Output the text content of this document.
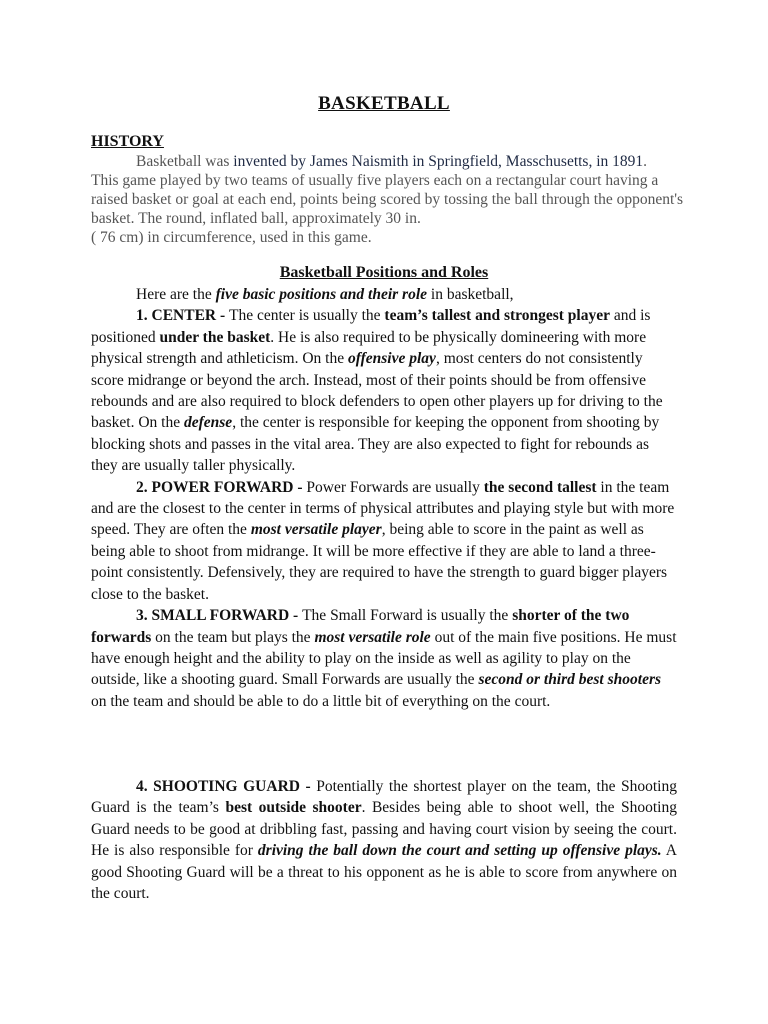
BASKETBALL
HISTORY

Basketball was invented by James Naismith in Springfield, Masschusetts, in 1891.

This game played by two teams of usually five players each on a rectangular court having a raised basket or goal at each end, points being scored by tossing the ball through the opponent's basket. The round, inflated ball, approximately 30 in.

( 76 cm) in circumference, used in this game.

Basketball Positions and Roles

Here are the five basic positions and their role in basketball,

1. CENTER - The center is usually the team’s tallest and strongest player and is positioned under the basket. He is also required to be physically domineering with more physical strength and athleticism. On the offensive play, most centers do not consistently score midrange or beyond the arch. Instead, most of their points should be from offensive rebounds and are also required to block defenders to open other players up for driving to the basket. On the defense, the center is responsible for keeping the opponent from shooting by blocking shots and passes in the vital area. They are also expected to fight for rebounds as they are usually taller physically.

2. POWER FORWARD - Power Forwards are usually the second tallest in the team and are the closest to the center in terms of physical attributes and playing style but with more speed. They are often the most versatile player, being able to score in the paint as well as being able to shoot from midrange. It will be more effective if they are able to land a three-point consistently. Defensively, they are required to have the strength to guard bigger players close to the basket.

3. SMALL FORWARD - The Small Forward is usually the shorter of the two forwards on the team but plays the most versatile role out of the main five positions. He must have enough height and the ability to play on the inside as well as agility to play on the outside, like a shooting guard. Small Forwards are usually the second or third best shooters on the team and should be able to do a little bit of everything on the court.

4. SHOOTING GUARD - Potentially the shortest player on the team, the Shooting Guard is the team’s best outside shooter. Besides being able to shoot well, the Shooting Guard needs to be good at dribbling fast, passing and having court vision by seeing the court. He is also responsible for driving the ball down the court and setting up offensive plays. A good Shooting Guard will be a threat to his opponent as he is able to score from anywhere on the court.
